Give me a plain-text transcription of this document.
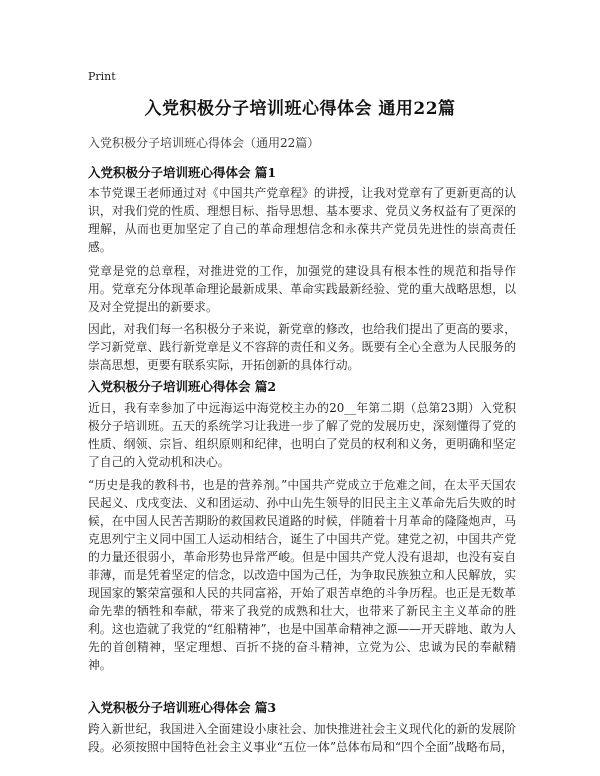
Print
入党积极分子培训班心得体会 通用22篇
入党积极分子培训班心得体会（通用22篇）
入党积极分子培训班心得体会 篇1

本节党课王老师通过对《中国共产党章程》的讲授，让我对党章有了更新更高的认识，对我们党的性质、理想目标、指导思想、基本要求、党员义务权益有了更深的理解，从而也更加坚定了自己的革命理想信念和永葆共产党员先进性的崇高责任感。

党章是党的总章程，对推进党的工作，加强党的建设具有根本性的规范和指导作用。党章充分体现革命理论最新成果、革命实践最新经验、党的重大战略思想，以及对全党提出的新要求。

因此，对我们每一名积极分子来说，新党章的修改，也给我们提出了更高的要求，学习新党章、践行新党章是义不容辞的责任和义务。既要有全心全意为人民服务的崇高思想，更要有联系实际，开拓创新的具体行动。

入党积极分子培训班心得体会 篇2

近日，我有幸参加了中远海运中海党校主办的20__年第二期（总第23期）入党积极分子培训班。五天的系统学习让我进一步了解了党的发展历史，深刻懂得了党的性质、纲领、宗旨、组织原则和纪律，也明白了党员的权利和义务，更明确和坚定了自己的入党动机和决心。

“历史是我的教科书，也是的营养剂。”中国共产党成立于危难之间，在太平天国农民起义、戊戌变法、义和团运动、孙中山先生领导的旧民主主义革命先后失败的时候，在中国人民苦苦期盼的救国救民道路的时候，伴随着十月革命的隆隆炮声，马克思列宁主义同中国工人运动相结合，诞生了中国共产党。建党之初，中国共产党的力量还很弱小，革命形势也异常严峻。但是中国共产党人没有退却，也没有妄自菲薄，而是凭着坚定的信念，以改造中国为己任，为争取民族独立和人民解放，实现国家的繁荣富强和人民的共同富裕，开始了艰苦卓绝的斗争历程。也正是无数革命先辈的牺牲和奉献，带来了我党的成熟和壮大，也带来了新民主主义革命的胜利。这也造就了我党的“红船精神”，也是中国革命精神之源——开天辟地、敢为人先的首创精神，坚定理想、百折不挠的奋斗精神，立党为公、忠诚为民的奉献精神。

入党积极分子培训班心得体会 篇3

跨入新世纪，我国进入全面建设小康社会、加快推进社会主义现代化的新的发展阶段。必须按照中国特色社会主义事业“五位一体”总体布局和“四个全面”战略布局，
